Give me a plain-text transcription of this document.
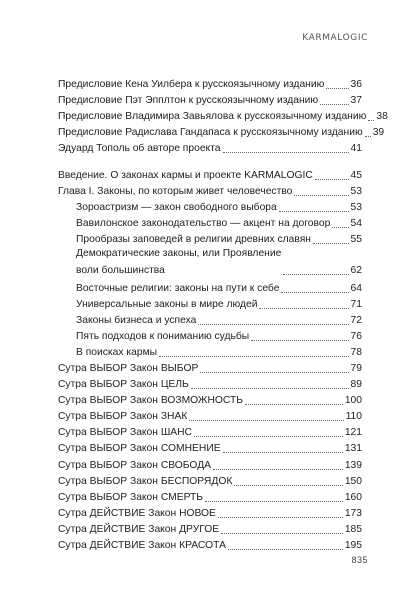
KARMALOGIC
Предисловие Кена Уилбера к русскоязычному изданию	36
Предисловие Пэт Эпплтон к русскоязычному изданию	37
Предисловие Владимира Завьялова к русскоязычному изданию 38
Предисловие Радислава Гандапаса к русскоязычному изданию 39
Эдуард Тополь об авторе проекта	41
Введение. О законах кармы и проекте KARMALOGIC	45
Глава I. Законы, по которым живет человечество	53
Зороастризм — закон свободного выбора	53
Вавилонское законодательство — акцент на договор 54
Прообразы заповедей в религии древних славян	55
Демократические законы, или Проявление
воли большинства	62
Восточные религии: законы на пути к себе	64
Универсальные законы в мире людей	71
Законы бизнеса и успеха	72
Пять подходов к пониманию судьбы	76
В поисках кармы	78
Сутра ВЫБОР Закон ВЫБОР	79
Сутра ВЫБОР Закон ЦЕЛЬ	89
Сутра ВЫБОР Закон ВОЗМОЖНОСТЬ	100
Сутра ВЫБОР Закон ЗНАК	110
Сутра ВЫБОР Закон ШАНС	121
Сутра ВЫБОР Закон СОМНЕНИЕ	131
Сутра ВЫБОР Закон СВОБОДА	139
Сутра ВЫБОР Закон БЕСПОРЯДОК	150
Сутра ВЫБОР Закон СМЕРТЬ	160
Сутра ДЕЙСТВИЕ Закон НОВОЕ	173
Сутра ДЕЙСТВИЕ Закон ДРУГОЕ	185
Сутра ДЕЙСТВИЕ Закон КРАСОТА	195
835
